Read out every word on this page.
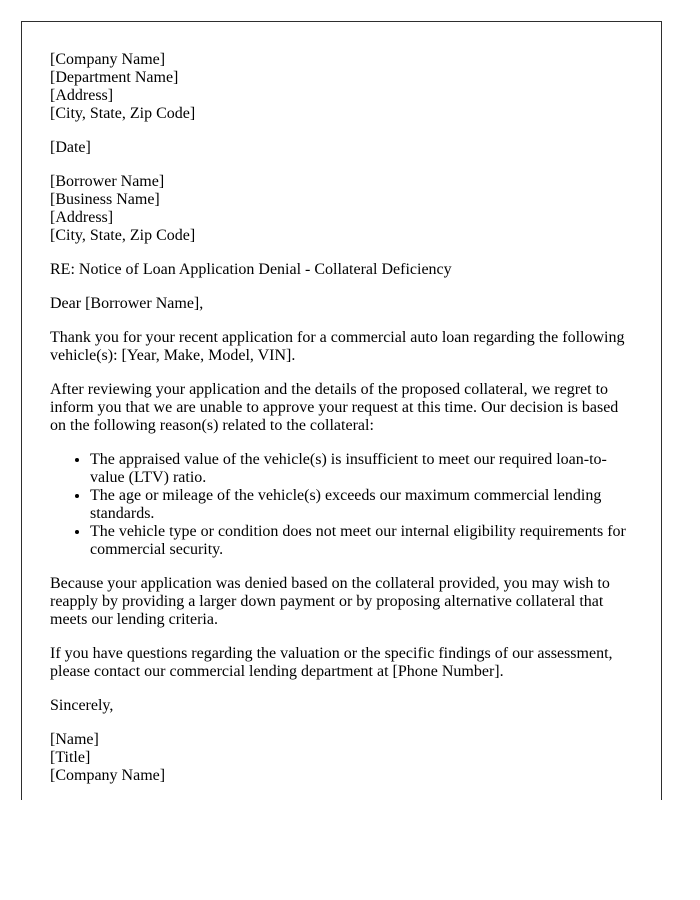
[Company Name]
[Department Name]
[Address]
[City, State, Zip Code]

[Date]

[Borrower Name]
[Business Name]
[Address]
[City, State, Zip Code]

RE: Notice of Loan Application Denial - Collateral Deficiency

Dear [Borrower Name],

Thank you for your recent application for a commercial auto loan regarding the following vehicle(s): [Year, Make, Model, VIN].

After reviewing your application and the details of the proposed collateral, we regret to inform you that we are unable to approve your request at this time. Our decision is based on the following reason(s) related to the collateral:

• The appraised value of the vehicle(s) is insufficient to meet our required loan-to-value (LTV) ratio.
• The age or mileage of the vehicle(s) exceeds our maximum commercial lending standards.
• The vehicle type or condition does not meet our internal eligibility requirements for commercial security.

Because your application was denied based on the collateral provided, you may wish to reapply by providing a larger down payment or by proposing alternative collateral that meets our lending criteria.

If you have questions regarding the valuation or the specific findings of our assessment, please contact our commercial lending department at [Phone Number].

Sincerely,

[Name]
[Title]
[Company Name]
